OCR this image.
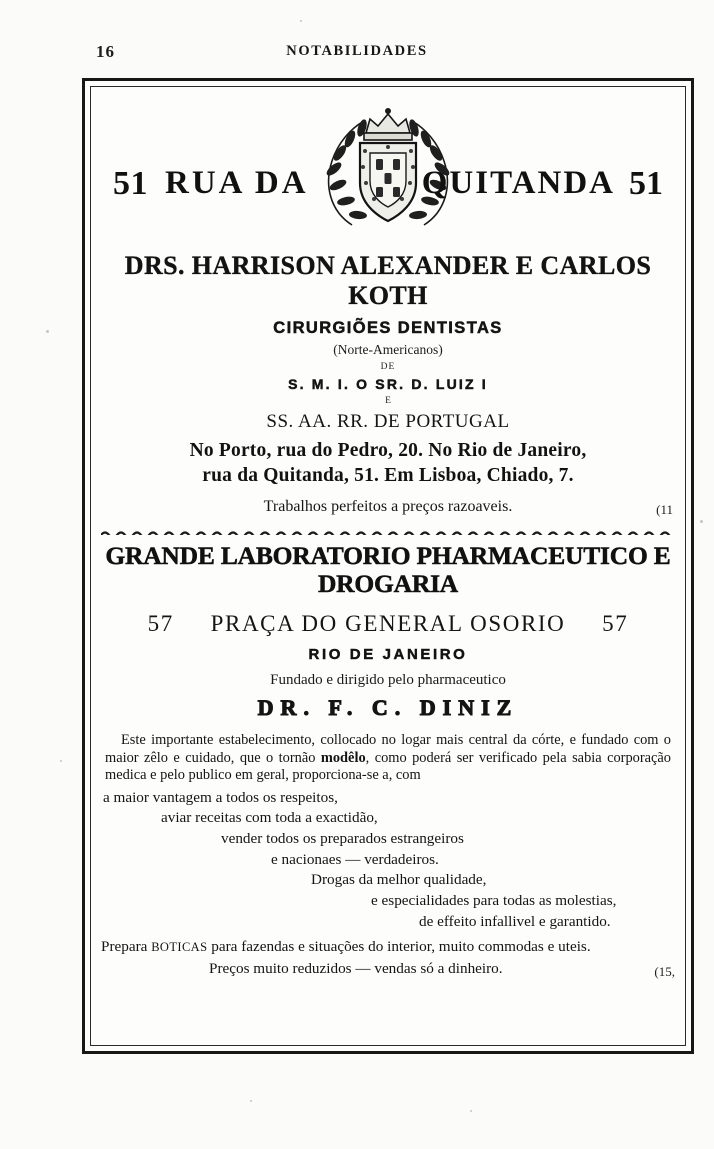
16	NOTABILIDADES
51 RUA DA	QUITANDA 51
DRS. HARRISON ALEXANDER E CARLOS KOTH
CIRURGIÕES DENTISTAS
(Norte-Americanos)
DE
S. M. I. O SR. D. LUIZ I
E
SS. AA. RR. DE PORTUGAL
No Porto, rua do Pedro, 20. No Rio de Janeiro,
rua da Quitanda, 51. Em Lisboa, Chiado, 7.
Trabalhos perfeitos a preços razoaveis.	(11
GRANDE LABORATORIO PHARMACEUTICO E DROGARIA
57 PRAÇA DO GENERAL OSORIO 57
RIO DE JANEIRO
Fundado e dirigido pelo pharmaceutico
DR. F. C. DINIZ
Este importante estabelecimento, collocado no logar mais central da córte, e fundado com o maior zêlo e cuidado, que o tornão modêlo, como poderá ser verificado pela sabia corporação medica e pelo publico em geral, proporciona-se a, com
a maior vantagem a todos os respeitos,
aviar receitas com toda a exactidão,
vender todos os preparados estrangeiros
e nacionaes — verdadeiros.
Drogas da melhor qualidade,
e especialidades para todas as molestias,
de effeito infallivel e garantido.
Prepara BOTICAS para fazendas e situações do interior, muito commodas e uteis.
Preços muito reduzidos — vendas só a dinheiro.	(15,
